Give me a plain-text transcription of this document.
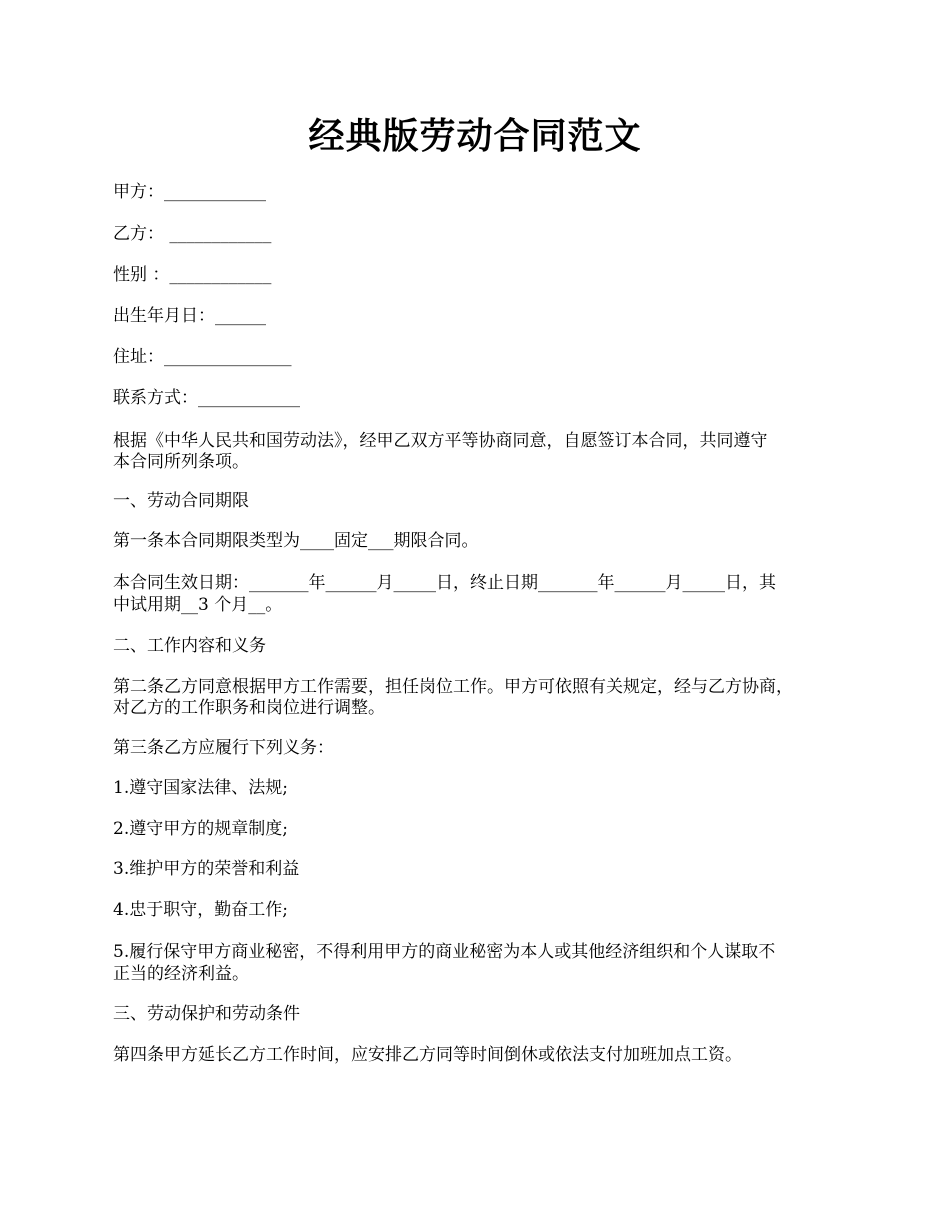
经典版劳动合同范文
甲方：____________
乙方： ____________
性别 ：____________
出生年月日：______
住址：_______________
联系方式：____________
根据《中华人民共和国劳动法》，经甲乙双方平等协商同意，自愿签订本合同，共同遵守
本合同所列条项。
一、劳动合同期限
第一条本合同期限类型为____固定___期限合同。
本合同生效日期：_______年______月_____日，终止日期_______年______月_____日，其
中试用期__3 个月__。
二、工作内容和义务
第二条乙方同意根据甲方工作需要，担任岗位工作。甲方可依照有关规定，经与乙方协商，
对乙方的工作职务和岗位进行调整。
第三条乙方应履行下列义务：
1.遵守国家法律、法规;
2.遵守甲方的规章制度;
3.维护甲方的荣誉和利益
4.忠于职守，勤奋工作;
5.履行保守甲方商业秘密，不得利用甲方的商业秘密为本人或其他经济组织和个人谋取不
正当的经济利益。
三、劳动保护和劳动条件
第四条甲方延长乙方工作时间，应安排乙方同等时间倒休或依法支付加班加点工资。
